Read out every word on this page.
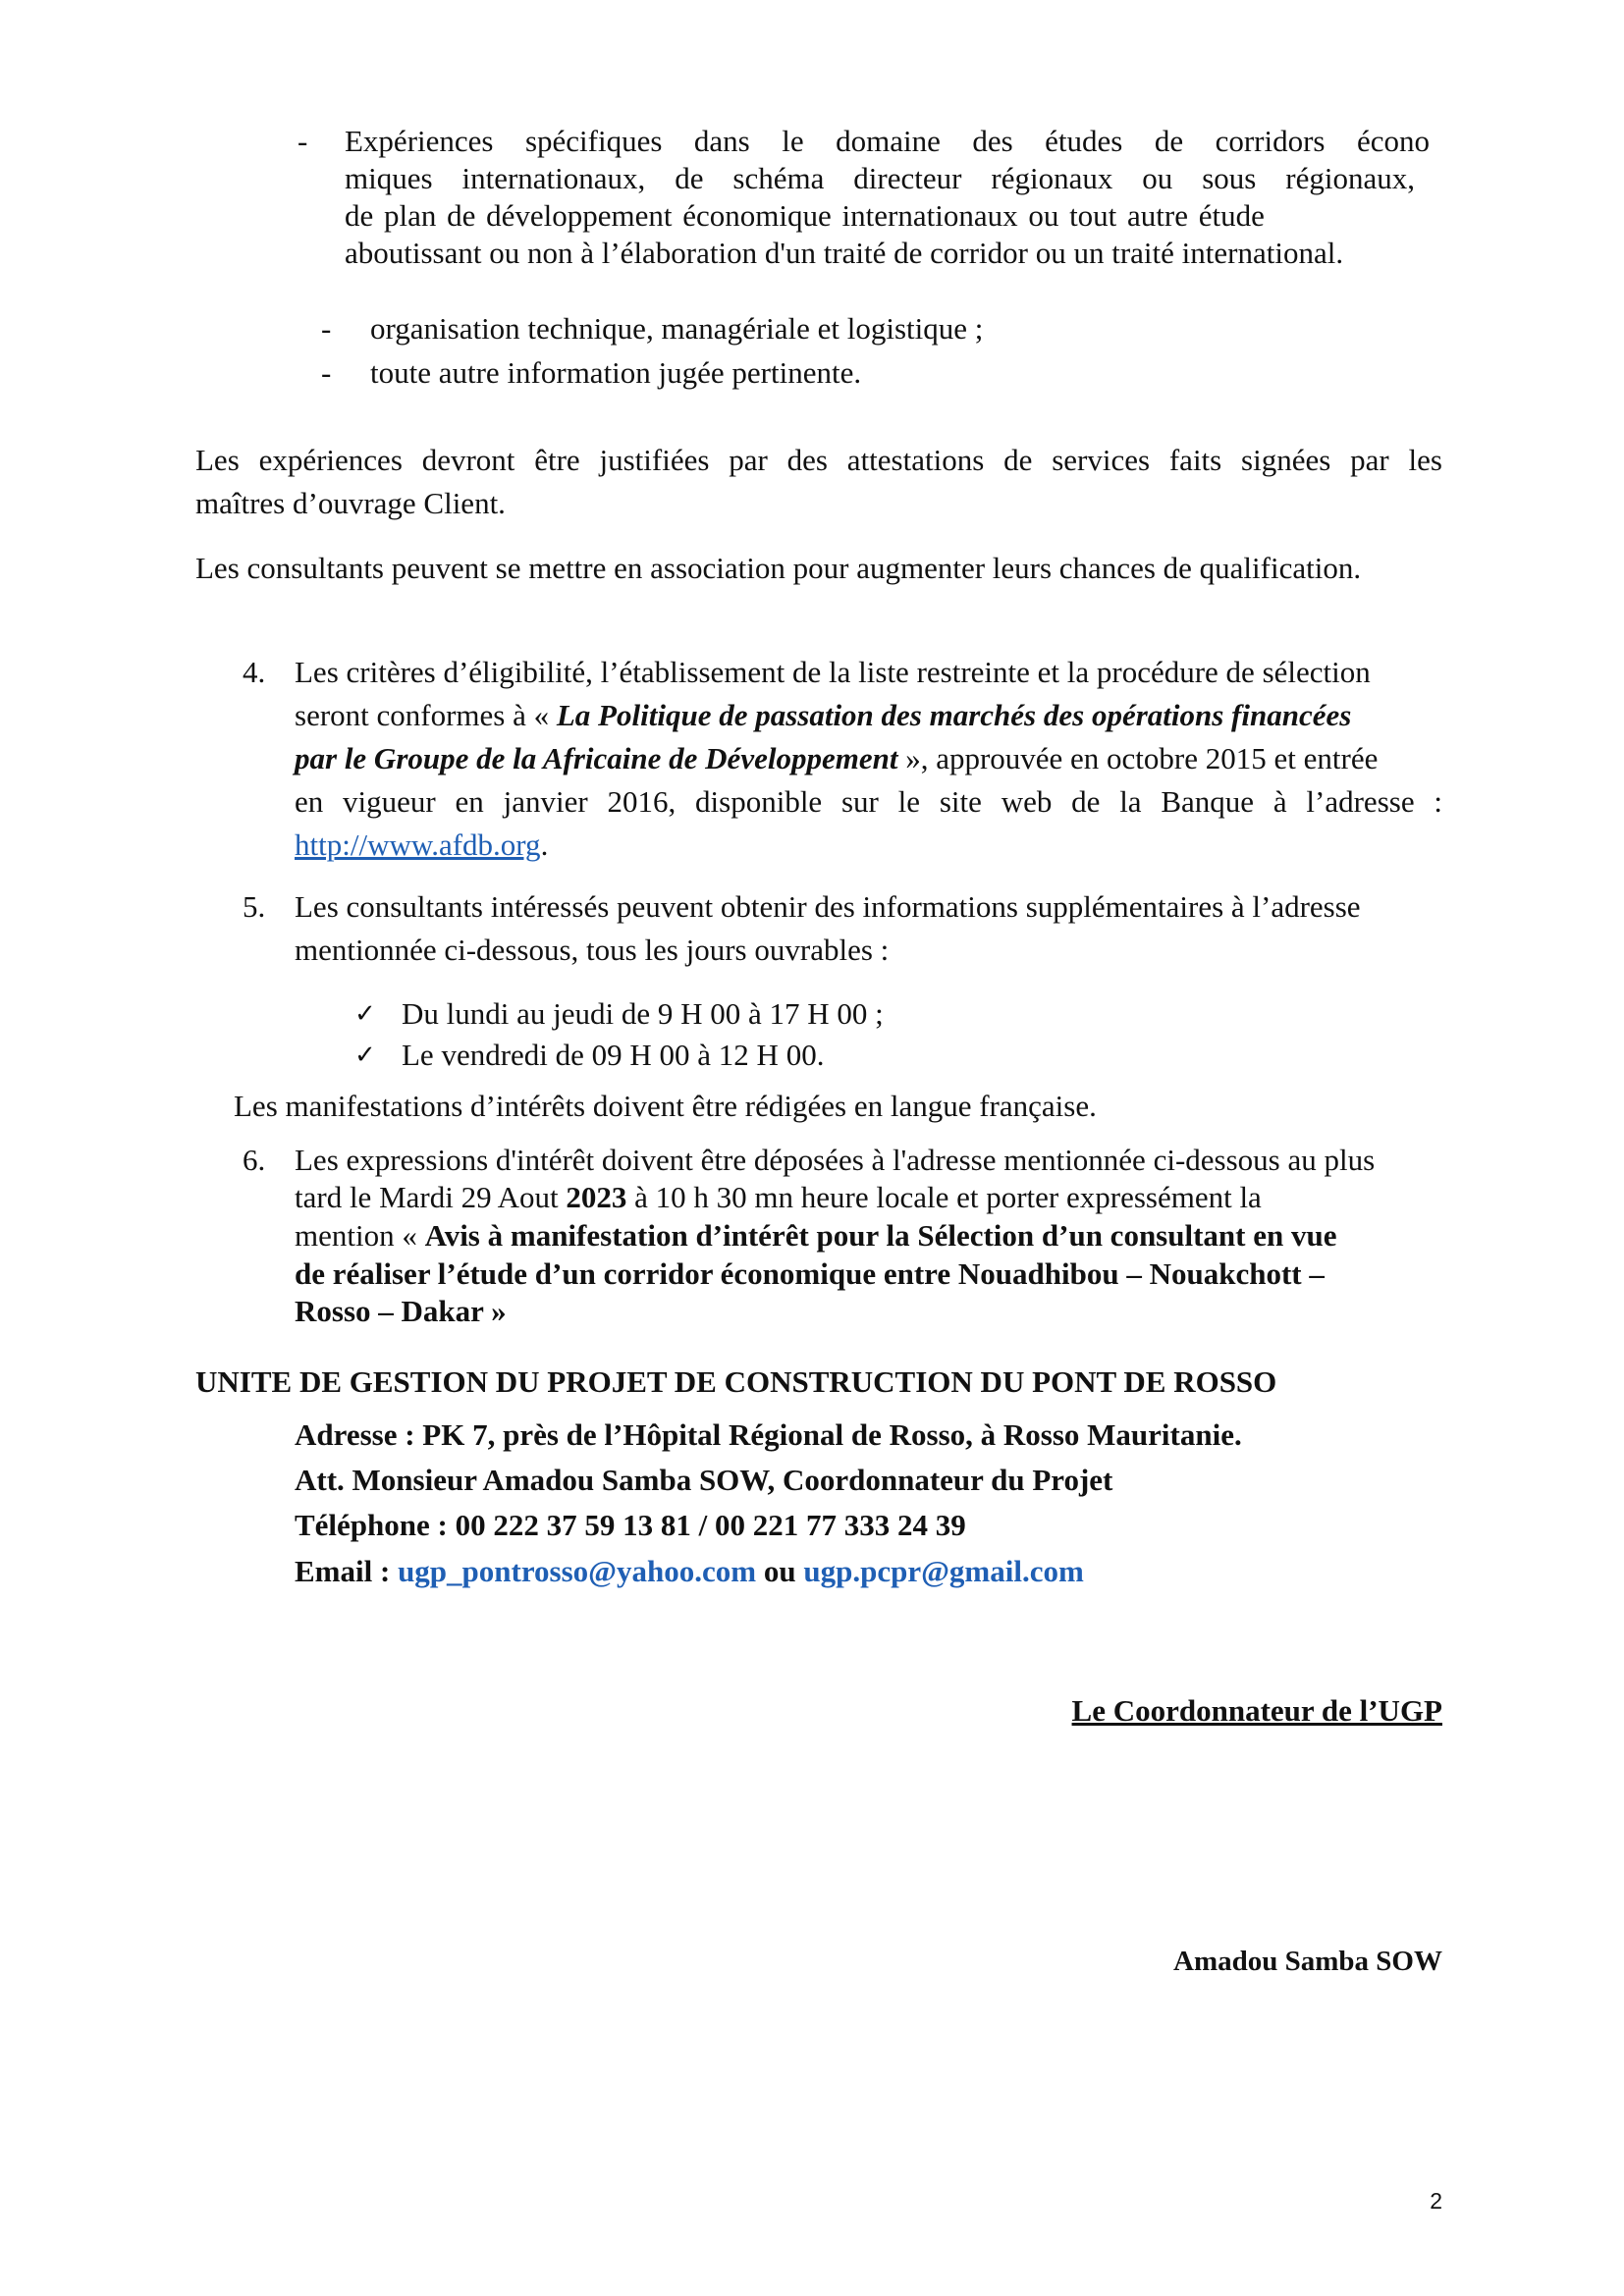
- Expériences spécifiques dans le domaine des études de corridors écono
miques internationaux, de schéma directeur régionaux ou sous régionaux,
de plan de développement économique internationaux ou tout autre étude
aboutissant ou non à l’élaboration d'un traité de corridor ou un traité international.
- organisation technique, managériale et logistique ;
- toute autre information jugée pertinente.
Les expériences devront être justifiées par des attestations de services faits signées par les
maîtres d’ouvrage Client.
Les consultants peuvent se mettre en association pour augmenter leurs chances de qualification.
4. Les critères d’éligibilité, l’établissement de la liste restreinte et la procédure de sélection
seront conformes à « La Politique de passation des marchés des opérations financées
par le Groupe de la Africaine de Développement », approuvée en octobre 2015 et entrée
en vigueur en janvier 2016, disponible sur le site web de la Banque à l’adresse :
http://www.afdb.org.
5. Les consultants intéressés peuvent obtenir des informations supplémentaires à l’adresse
mentionnée ci-dessous, tous les jours ouvrables :
✓ Du lundi au jeudi de 9 H 00 à 17 H 00 ;
✓ Le vendredi de 09 H 00 à 12 H 00.
Les manifestations d’intérêts doivent être rédigées en langue française.
6. Les expressions d'intérêt doivent être déposées à l'adresse mentionnée ci-dessous au plus
tard le Mardi 29 Aout 2023 à 10 h 30 mn heure locale et porter expressément la
mention « Avis à manifestation d’intérêt pour la Sélection d’un consultant en vue
de réaliser l’étude d’un corridor économique entre Nouadhibou – Nouakchott –
Rosso – Dakar »
UNITE DE GESTION DU PROJET DE CONSTRUCTION DU PONT DE ROSSO
Adresse : PK 7, près de l’Hôpital Régional de Rosso, à Rosso Mauritanie.
Att. Monsieur Amadou Samba SOW, Coordonnateur du Projet
Téléphone : 00 222 37 59 13 81 / 00 221 77 333 24 39
Email : ugp_pontrosso@yahoo.com ou ugp.pcpr@gmail.com
Le Coordonnateur de l’UGP
Amadou Samba SOW
2
